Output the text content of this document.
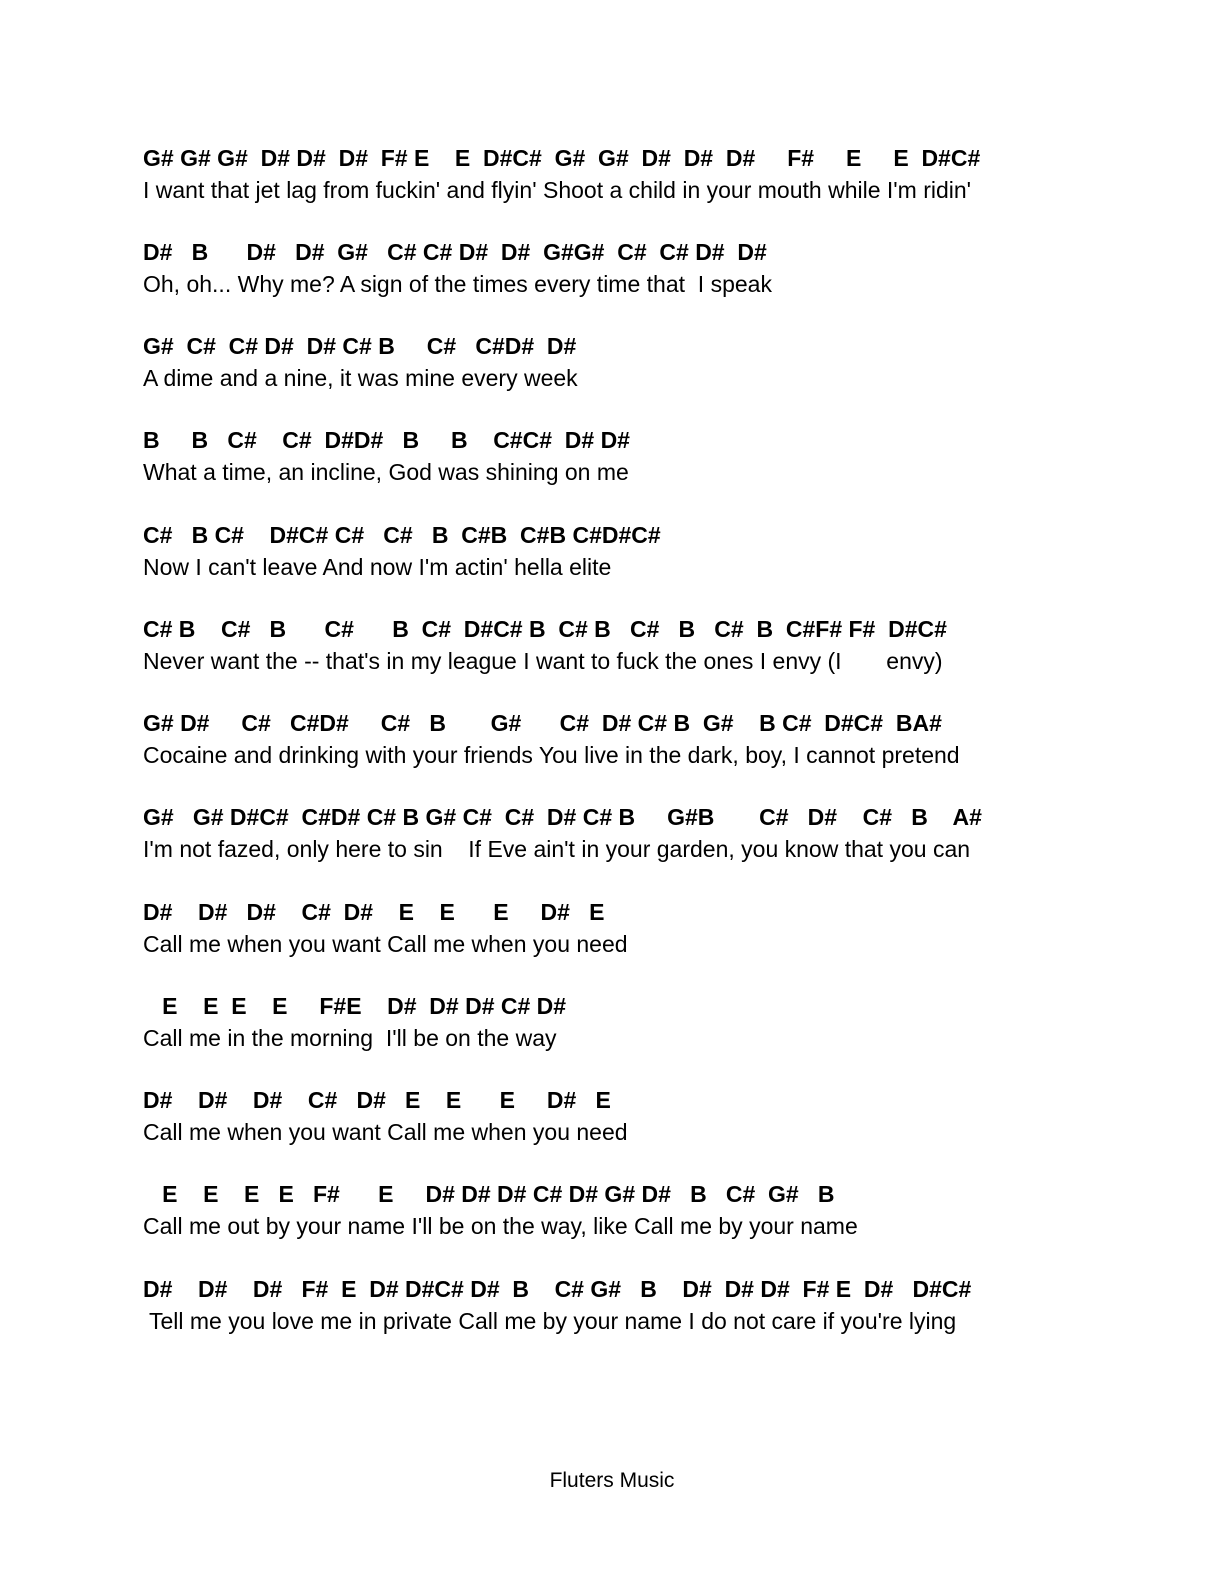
G# G# G#  D# D#  D#  F# E    E  D#C#  G#  G#  D#  D#  D#     F#     E     E  D#C#
I want that jet lag from fuckin' and flyin' Shoot a child in your mouth while I'm ridin'
D#   B      D#   D#  G#   C# C# D#  D#  G#G#  C#  C# D#  D#
Oh, oh... Why me? A sign of the times every time that  I speak
G#  C#  C# D#  D# C# B     C#   C#D#  D#
A dime and a nine, it was mine every week
B     B   C#    C#  D#D#   B     B    C#C#  D# D#
What a time, an incline, God was shining on me
C#   B C#    D#C# C#   C#   B  C#B  C#B C#D#C#
Now I can't leave And now I'm actin' hella elite
C# B    C#   B      C#      B  C#  D#C# B  C# B   C#   B   C#  B  C#F# F#  D#C#
Never want the -- that's in my league I want to fuck the ones I envy (I       envy)
G# D#     C#   C#D#     C#   B       G#      C#  D# C# B  G#    B C#  D#C#  BA#
Cocaine and drinking with your friends You live in the dark, boy, I cannot pretend
G#   G# D#C#  C#D# C# B G# C#  C#  D# C# B     G#B       C#   D#    C#   B    A#
I'm not fazed, only here to sin    If Eve ain't in your garden, you know that you can
D#    D#   D#    C#  D#    E    E      E     D#   E
Call me when you want Call me when you need
E    E  E    E     F#E    D#  D# D# C# D#
Call me in the morning  I'll be on the way
D#    D#    D#    C#   D#   E    E      E     D#   E
Call me when you want Call me when you need
E    E    E   E   F#      E     D# D# D# C# D# G# D#   B   C#  G#   B
Call me out by your name I'll be on the way, like Call me by your name
D#    D#    D#   F#  E  D# D#C# D#  B    C# G#   B    D#  D# D#  F# E  D#   D#C#
Tell me you love me in private Call me by your name I do not care if you're lying
Fluters Music
